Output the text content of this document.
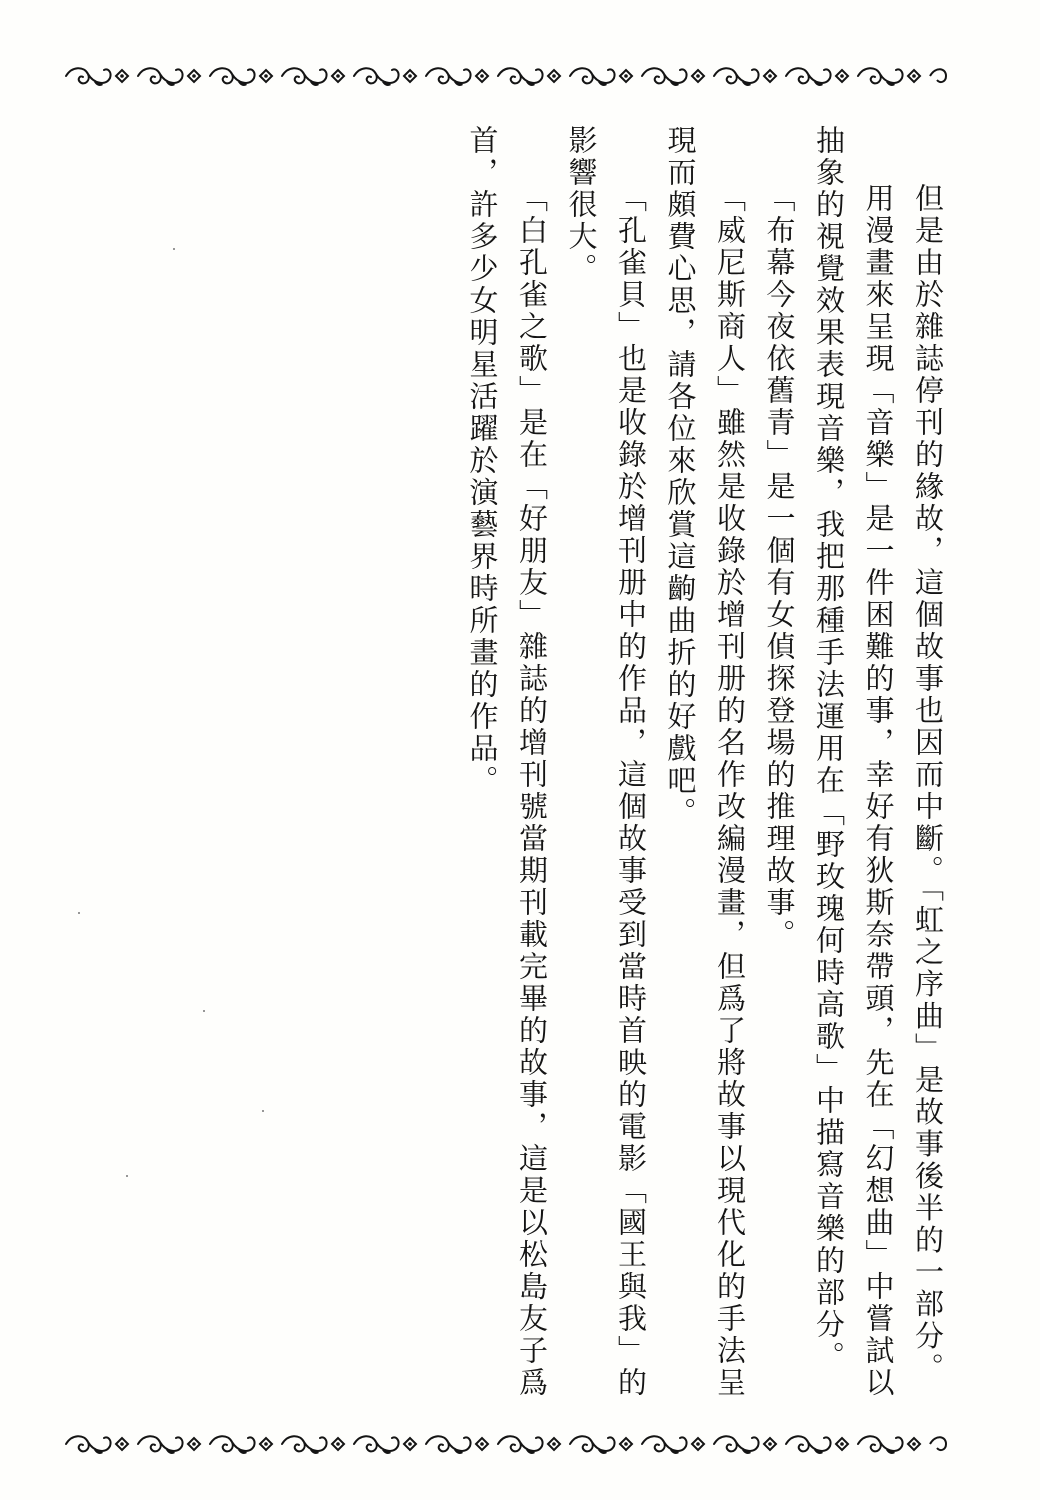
但是由於雜誌停刊的緣故，這個故事也因而中斷。「虹之序曲」是故事後半的一部分。

用漫畫來呈現「音樂」是一件困難的事，幸好有狄斯奈帶頭，先在「幻想曲」中嘗試以抽象的視覺效果表現音樂，我把那種手法運用在「野玫瑰何時高歌」中描寫音樂的部分。

「布幕今夜依舊青」是一個有女偵探登場的推理故事。

「威尼斯商人」雖然是收錄於增刊册的名作改編漫畫，但爲了將故事以現代化的手法呈現而頗費心思，請各位來欣賞這齣曲折的好戲吧。

「孔雀貝」也是收錄於增刊册中的作品，這個故事受到當時首映的電影「國王與我」的影響很大。

「白孔雀之歌」是在「好朋友」雜誌的增刊號當期刊載完畢的故事，這是以松島友子爲首，許多少女明星活躍於演藝界時所畫的作品。
